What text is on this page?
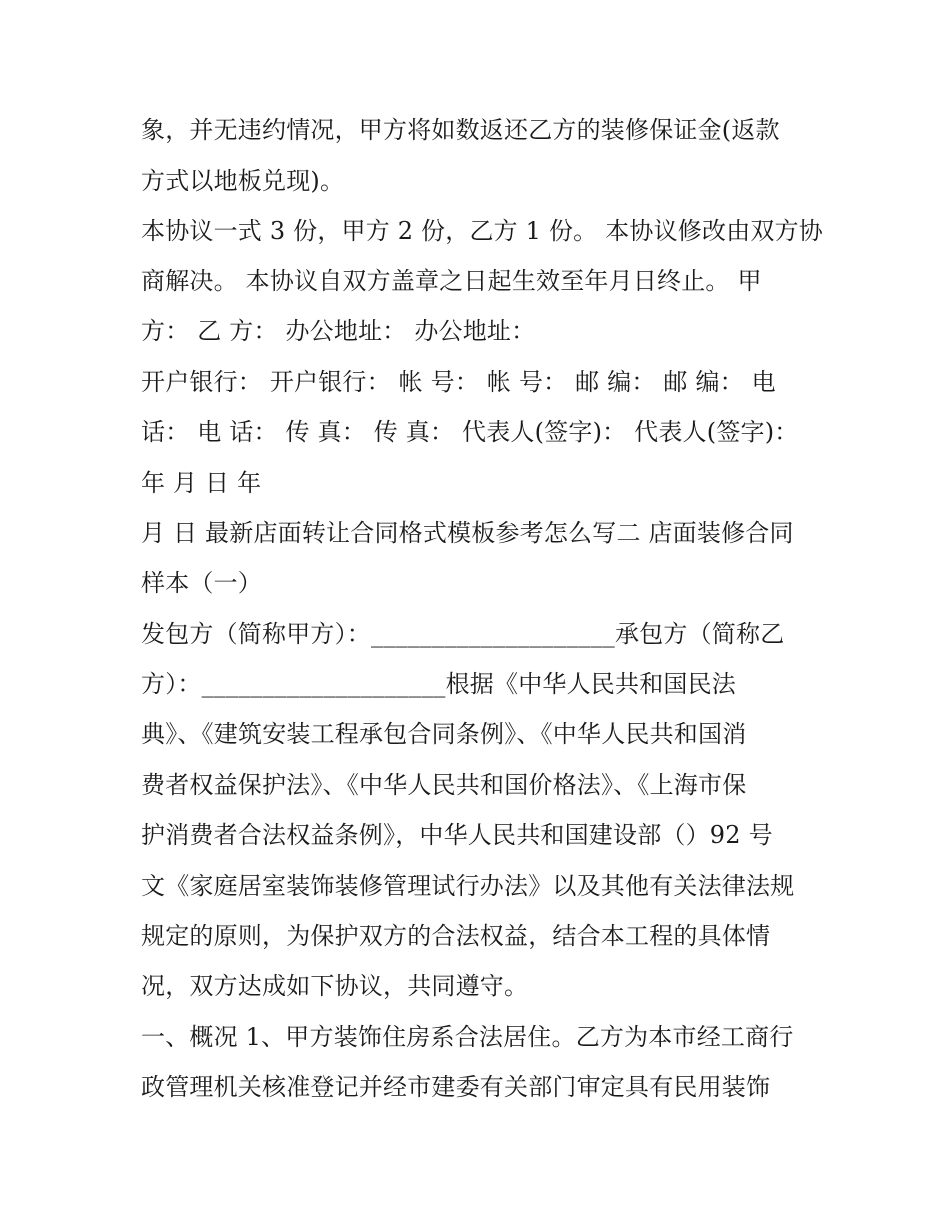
象，并无违约情况，甲方将如数返还乙方的装修保证金(返款

方式以地板兑现)。

本协议一式 3 份，甲方 2 份，乙方 1 份。 本协议修改由双方协

商解决。 本协议自双方盖章之日起生效至年月日终止。 甲

方： 乙 方： 办公地址： 办公地址：

开户银行： 开户银行： 帐 号： 帐 号： 邮 编： 邮 编： 电

话： 电 话： 传 真： 传 真： 代表人(签字)： 代表人(签字)：

年 月 日 年

月 日 最新店面转让合同格式模板参考怎么写二 店面装修合同

样本（一）

发包方（简称甲方）：____________________承包方（简称乙

方）：____________________根据《中华人民共和国民法

典》、《建筑安装工程承包合同条例》、《中华人民共和国消

费者权益保护法》、《中华人民共和国价格法》、《上海市保

护消费者合法权益条例》，中华人民共和国建设部（）92 号

文《家庭居室装饰装修管理试行办法》以及其他有关法律法规

规定的原则，为保护双方的合法权益，结合本工程的具体情

况，双方达成如下协议，共同遵守。

一、概况 1、甲方装饰住房系合法居住。乙方为本市经工商行

政管理机关核准登记并经市建委有关部门审定具有民用装饰
